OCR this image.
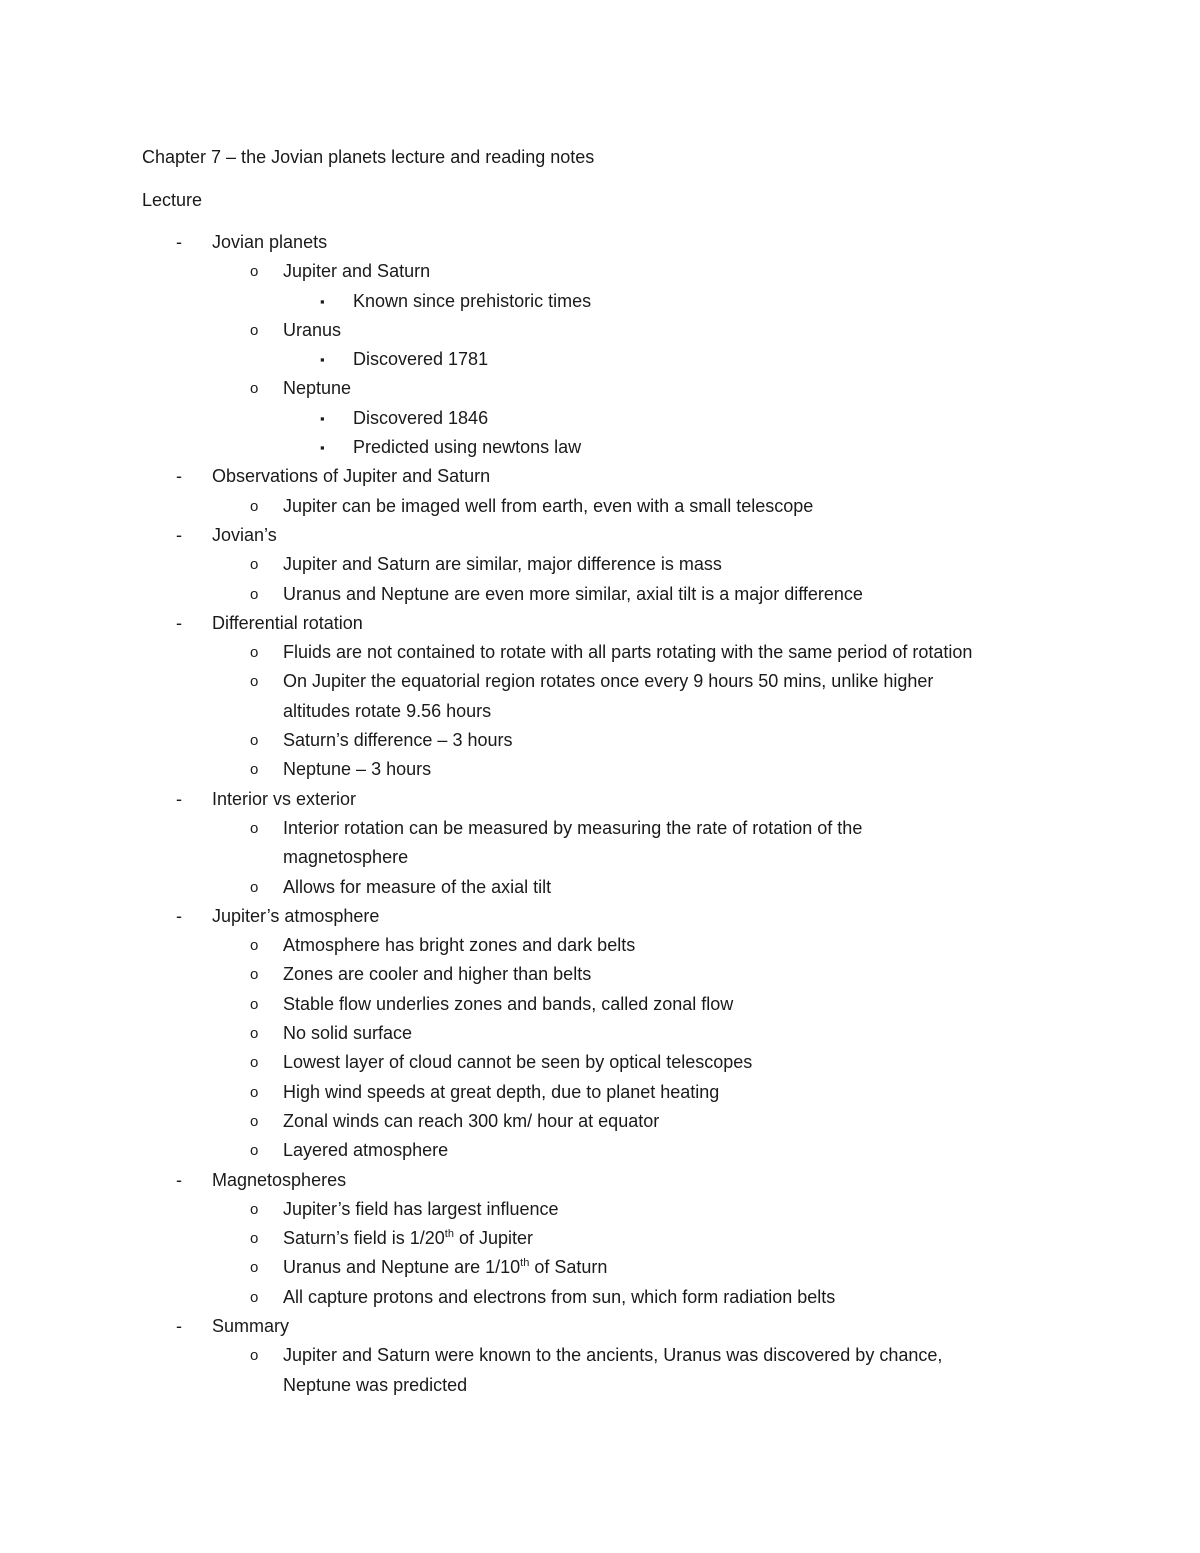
Chapter 7 – the Jovian planets lecture and reading notes
Lecture
- Jovian planets
o Jupiter and Saturn
▪ Known since prehistoric times
o Uranus
▪ Discovered 1781
o Neptune
▪ Discovered 1846
▪ Predicted using newtons law
- Observations of Jupiter and Saturn
o Jupiter can be imaged well from earth, even with a small telescope
- Jovian’s
o Jupiter and Saturn are similar, major difference is mass
o Uranus and Neptune are even more similar, axial tilt is a major difference
- Differential rotation
o Fluids are not contained to rotate with all parts rotating with the same period of rotation
o On Jupiter the equatorial region rotates once every 9 hours 50 mins, unlike higher
altitudes rotate 9.56 hours
o Saturn’s difference – 3 hours
o Neptune – 3 hours
- Interior vs exterior
o Interior rotation can be measured by measuring the rate of rotation of the
magnetosphere
o Allows for measure of the axial tilt
- Jupiter’s atmosphere
o Atmosphere has bright zones and dark belts
o Zones are cooler and higher than belts
o Stable flow underlies zones and bands, called zonal flow
o No solid surface
o Lowest layer of cloud cannot be seen by optical telescopes
o High wind speeds at great depth, due to planet heating
o Zonal winds can reach 300 km/ hour at equator
o Layered atmosphere
- Magnetospheres
o Jupiter’s field has largest influence
o Saturn’s field is 1/20th of Jupiter
o Uranus and Neptune are 1/10th of Saturn
o All capture protons and electrons from sun, which form radiation belts
- Summary
o Jupiter and Saturn were known to the ancients, Uranus was discovered by chance,
Neptune was predicted
